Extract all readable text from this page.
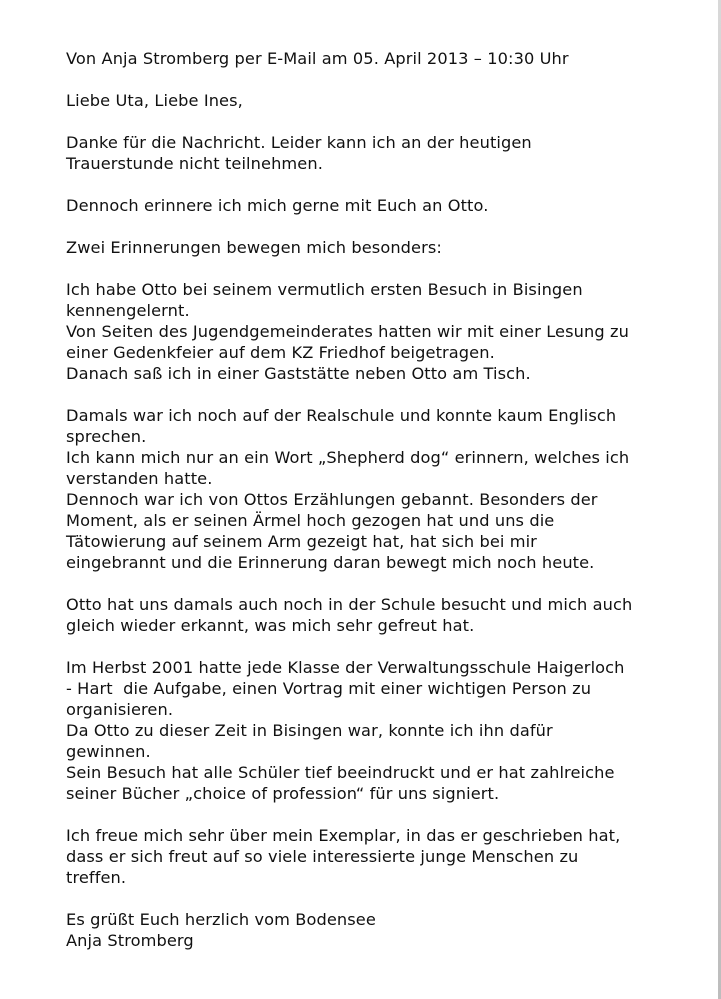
Von Anja Stromberg per E-Mail am 05. April 2013 – 10:30 Uhr
Liebe Uta, Liebe Ines,
Danke für die Nachricht. Leider kann ich an der heutigen
Trauerstunde nicht teilnehmen.
Dennoch erinnere ich mich gerne mit Euch an Otto.
Zwei Erinnerungen bewegen mich besonders:
Ich habe Otto bei seinem vermutlich ersten Besuch in Bisingen
kennengelernt.
Von Seiten des Jugendgemeinderates hatten wir mit einer Lesung zu
einer Gedenkfeier auf dem KZ Friedhof beigetragen.
Danach saß ich in einer Gaststätte neben Otto am Tisch.
Damals war ich noch auf der Realschule und konnte kaum Englisch
sprechen.
Ich kann mich nur an ein Wort „Shepherd dog“ erinnern, welches ich
verstanden hatte.
Dennoch war ich von Ottos Erzählungen gebannt. Besonders der
Moment, als er seinen Ärmel hoch gezogen hat und uns die
Tätowierung auf seinem Arm gezeigt hat, hat sich bei mir
eingebrannt und die Erinnerung daran bewegt mich noch heute.
Otto hat uns damals auch noch in der Schule besucht und mich auch
gleich wieder erkannt, was mich sehr gefreut hat.
Im Herbst 2001 hatte jede Klasse der Verwaltungsschule Haigerloch
- Hart  die Aufgabe, einen Vortrag mit einer wichtigen Person zu
organisieren.
Da Otto zu dieser Zeit in Bisingen war, konnte ich ihn dafür
gewinnen.
Sein Besuch hat alle Schüler tief beeindruckt und er hat zahlreiche
seiner Bücher „choice of profession“ für uns signiert.
Ich freue mich sehr über mein Exemplar, in das er geschrieben hat,
dass er sich freut auf so viele interessierte junge Menschen zu
treffen.
Es grüßt Euch herzlich vom Bodensee
Anja Stromberg
